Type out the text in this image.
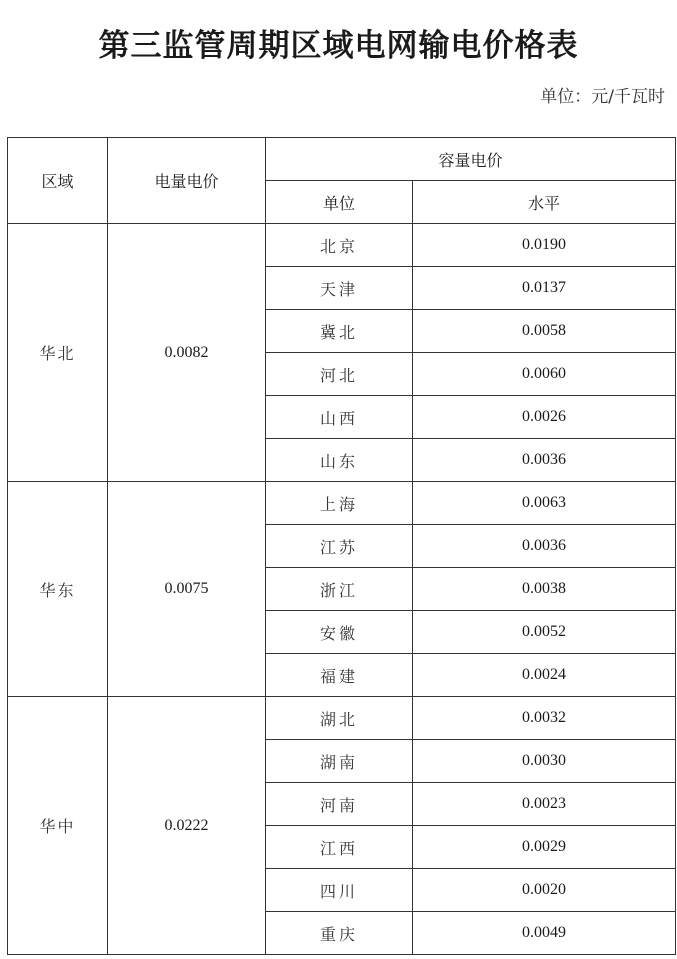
第三监管周期区域电网输电价格表
单位：元/千瓦时
区域	电量电价	容量电价	
		单位	水平
华北	0.0082	北京	0.0190
		天津	0.0137
		冀北	0.0058
		河北	0.0060
		山西	0.0026
		山东	0.0036
华东	0.0075	上海	0.0063
		江苏	0.0036
		浙江	0.0038
		安徽	0.0052
		福建	0.0024
华中	0.0222	湖北	0.0032
		湖南	0.0030
		河南	0.0023
		江西	0.0029
		四川	0.0020
		重庆	0.0049
